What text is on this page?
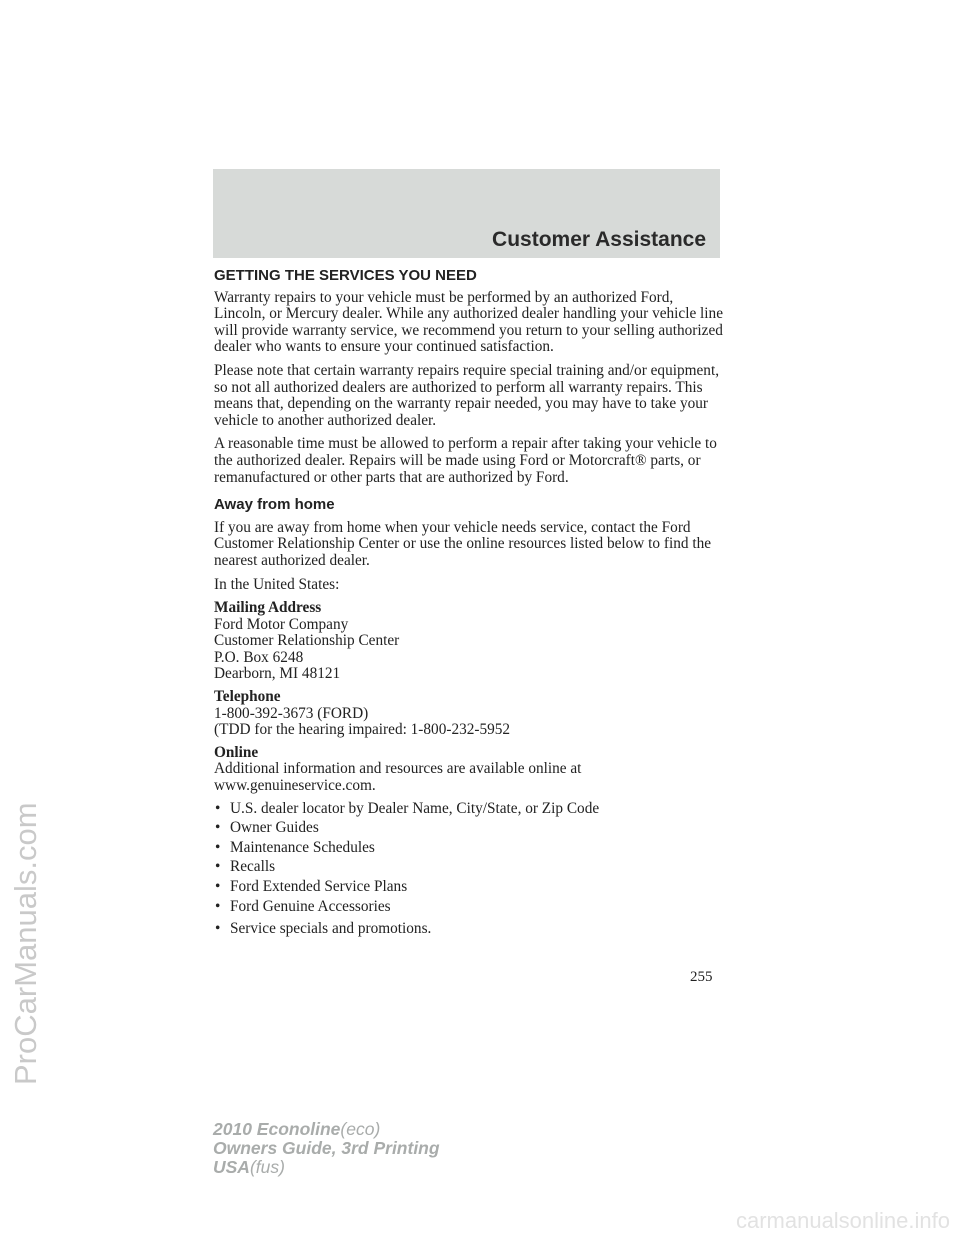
Customer Assistance
GETTING THE SERVICES YOU NEED

Warranty repairs to your vehicle must be performed by an authorized Ford, Lincoln, or Mercury dealer. While any authorized dealer handling your vehicle line will provide warranty service, we recommend you return to your selling authorized dealer who wants to ensure your continued satisfaction.

Please note that certain warranty repairs require special training and/or equipment, so not all authorized dealers are authorized to perform all warranty repairs. This means that, depending on the warranty repair needed, you may have to take your vehicle to another authorized dealer.

A reasonable time must be allowed to perform a repair after taking your vehicle to the authorized dealer. Repairs will be made using Ford or Motorcraft® parts, or remanufactured or other parts that are authorized by Ford.

Away from home

If you are away from home when your vehicle needs service, contact the Ford Customer Relationship Center or use the online resources listed below to find the nearest authorized dealer.

In the United States:

Mailing Address
Ford Motor Company
Customer Relationship Center
P.O. Box 6248
Dearborn, MI 48121
Telephone
1-800-392-3673 (FORD)
(TDD for the hearing impaired: 1-800-232-5952
Online
Additional information and resources are available online at www.genuineservice.com.
• U.S. dealer locator by Dealer Name, City/State, or Zip Code
• Owner Guides
• Maintenance Schedules
• Recalls
• Ford Extended Service Plans
• Ford Genuine Accessories
• Service specials and promotions.
255
2010 Econoline(eco)
Owners Guide, 3rd Printing
USA(fus)
ProCarManuals.com
carmanualsonline.info
